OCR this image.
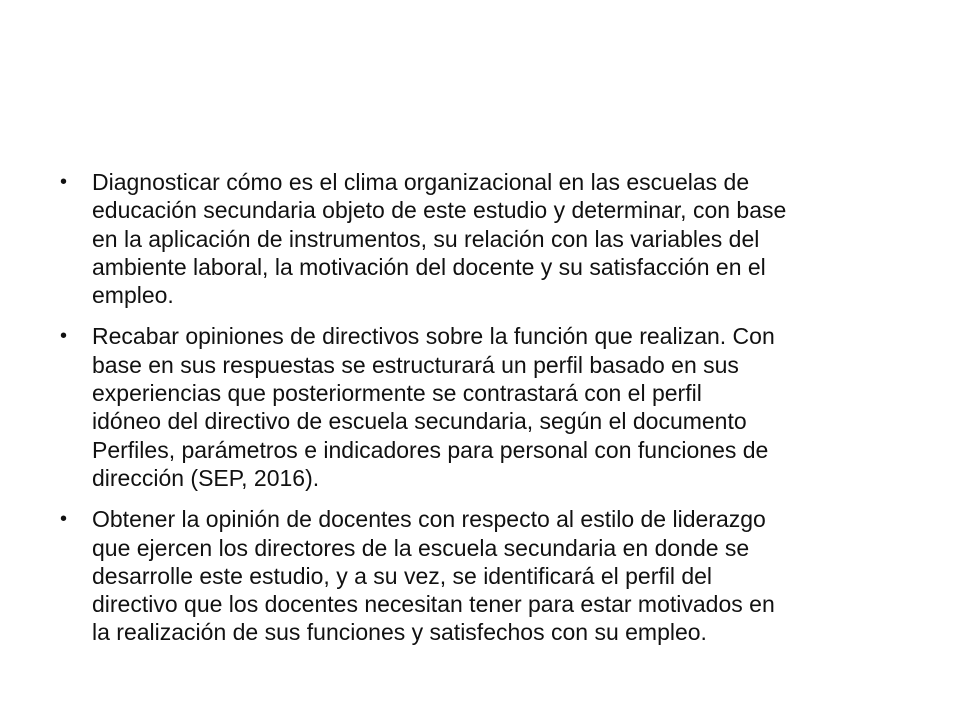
• Diagnosticar cómo es el clima organizacional en las escuelas de
educación secundaria objeto de este estudio y determinar, con base
en la aplicación de instrumentos, su relación con las variables del
ambiente laboral, la motivación del docente y su satisfacción en el
empleo.
• Recabar opiniones de directivos sobre la función que realizan. Con
base en sus respuestas se estructurará un perfil basado en sus
experiencias que posteriormente se contrastará con el perfil
idóneo del directivo de escuela secundaria, según el documento
Perfiles, parámetros e indicadores para personal con funciones de
dirección (SEP, 2016).
• Obtener la opinión de docentes con respecto al estilo de liderazgo
que ejercen los directores de la escuela secundaria en donde se
desarrolle este estudio, y a su vez, se identificará el perfil del
directivo que los docentes necesitan tener para estar motivados en
la realización de sus funciones y satisfechos con su empleo.
